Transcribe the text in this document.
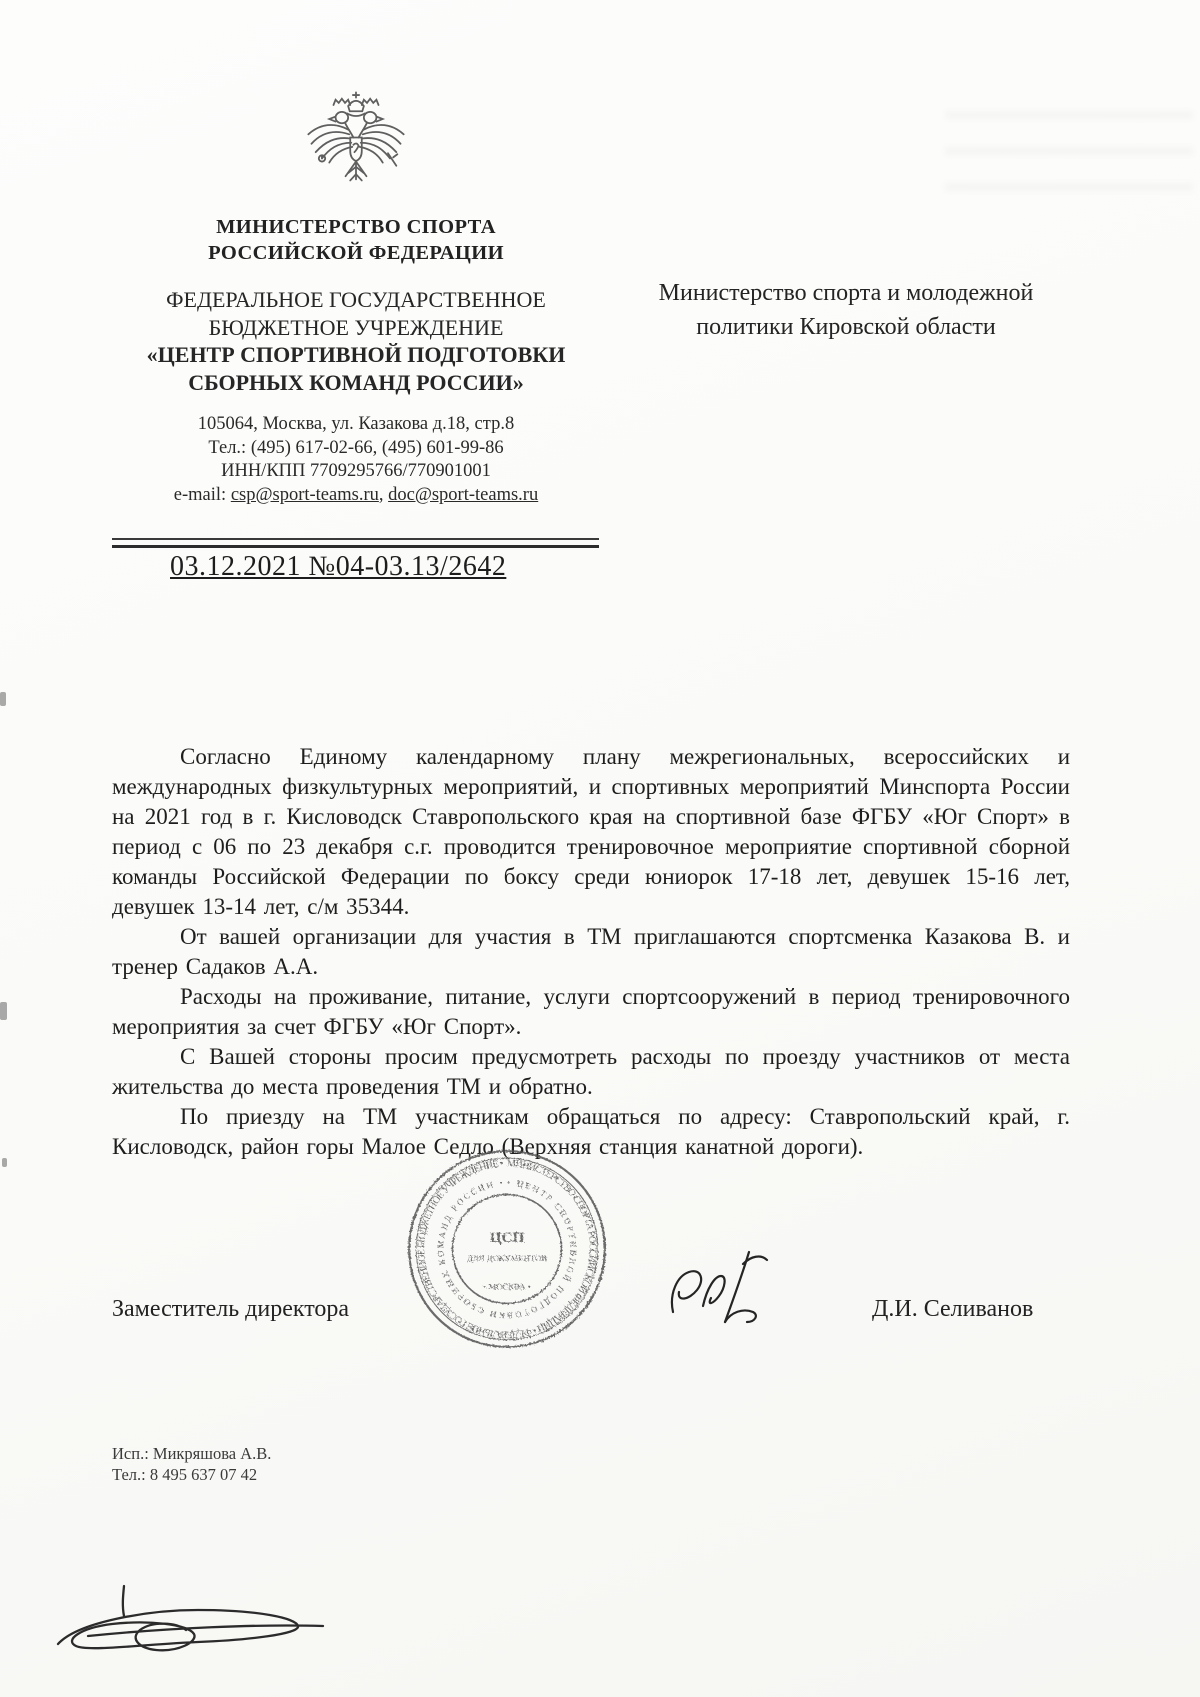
МИНИСТЕРСТВО СПОРТА
РОССИЙСКОЙ ФЕДЕРАЦИИ
ФЕДЕРАЛЬНОЕ ГОСУДАРСТВЕННОЕ
БЮДЖЕТНОЕ УЧРЕЖДЕНИЕ
«ЦЕНТР СПОРТИВНОЙ ПОДГОТОВКИ
СБОРНЫХ КОМАНД РОССИИ»
105064, Москва, ул. Казакова д.18, стр.8
Тел.: (495) 617-02-66, (495) 601-99-86
ИНН/КПП 7709295766/770901001
e-mail: csp@sport-teams.ru, doc@sport-teams.ru
03.12.2021 №04-03.13/2642
Министерство спорта и молодежной
политики Кировской области

Согласно Единому календарному плану межрегиональных, всероссийских и международных физкультурных мероприятий, и спортивных мероприятий Минспорта России на 2021 год в г. Кисловодск Ставропольского края на спортивной базе ФГБУ «Юг Спорт» в период с 06 по 23 декабря с.г. проводится тренировочное мероприятие спортивной сборной команды Российской Федерации по боксу среди юниорок 17-18 лет, девушек 15-16 лет, девушек 13-14 лет, с/м 35344.

От вашей организации для участия в ТМ приглашаются спортсменка Казакова В. и тренер Садаков А.А.

Расходы на проживание, питание, услуги спортсооружений в период тренировочного мероприятия за счет ФГБУ «Юг Спорт».

С Вашей стороны просим предусмотреть расходы по проезду участников от места жительства до места проведения ТМ и обратно.

По приезду на ТМ участникам обращаться по адресу: Ставропольский край, г. Кисловодск, район горы Малое Седло (Верхняя станция канатной дороги).

Заместитель директора
МИНИСТЕРСТВО СПОРТА РОССИЙСКОЙ ФЕДЕРАЦИИ • ФЕДЕРАЛЬНОЕ ГОСУДАРСТВЕННОЕ БЮДЖЕТНОЕ УЧРЕЖДЕНИЕ •
• ЦЕНТР СПОРТИВНОЙ ПОДГОТОВКИ СБОРНЫХ КОМАНД РОССИИ •
ЦСП
ДЛЯ ДОКУМЕНТОВ
• МОСКВА •
Д.И. Селиванов
Исп.: Микряшова А.В.
Тел.: 8 495 637 07 42
